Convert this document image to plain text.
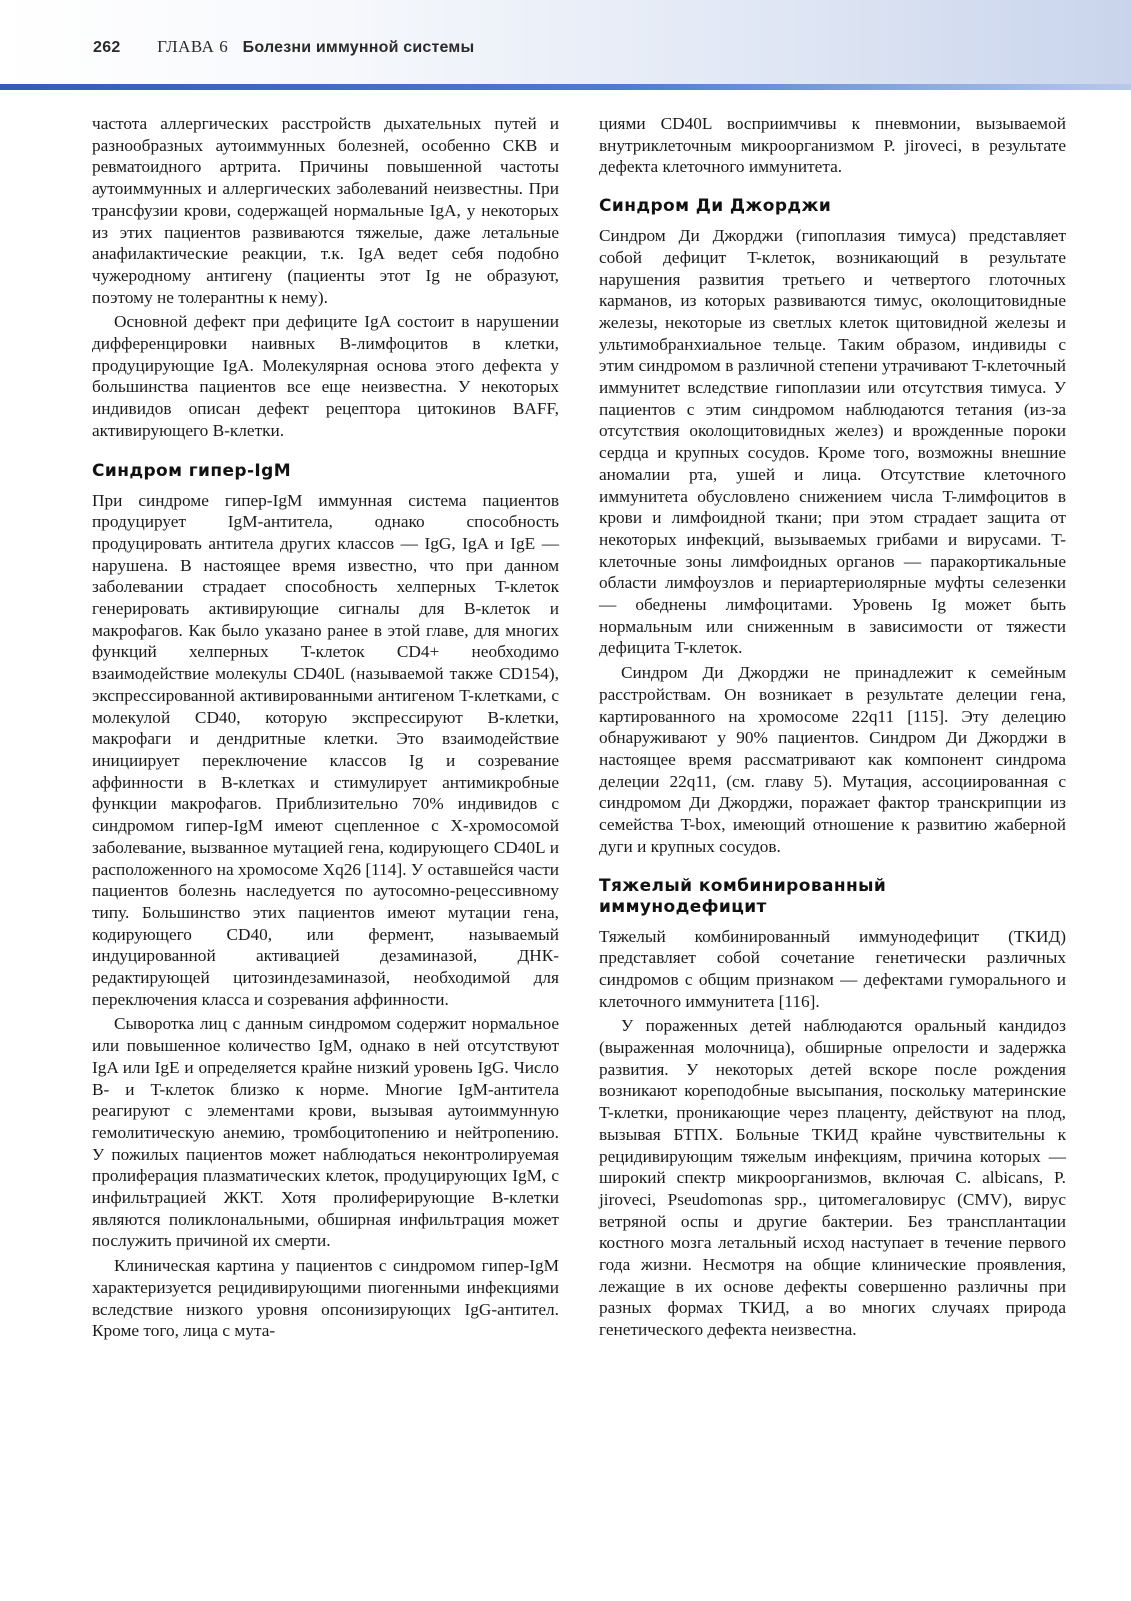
262 ГЛАВА 6 Болезни иммунной системы

частота аллергических расстройств дыхательных путей и разнообразных аутоиммунных болезней, особенно СКВ и ревматоидного артрита. Причины повышенной частоты аутоиммунных и аллергических заболеваний неизвестны. При трансфузии крови, содержащей нормальные IgA, у некоторых из этих пациентов развиваются тяжелые, даже летальные анафилактические реакции, т.к. IgA ведет себя подобно чужеродному антигену (пациенты этот Ig не образуют, поэтому не толерантны к нему).

Основной дефект при дефиците IgA состоит в нарушении дифференцировки наивных B-лимфоцитов в клетки, продуцирующие IgA. Молекулярная основа этого дефекта у большинства пациентов все еще неизвестна. У некоторых индивидов описан дефект рецептора цитокинов BAFF, активирующего B-клетки.

Синдром гипер-IgM

При синдроме гипер-IgM иммунная система пациентов продуцирует IgM-антитела, однако способность продуцировать антитела других классов — IgG, IgA и IgE — нарушена. В настоящее время известно, что при данном заболевании страдает способность хелперных T-клеток генерировать активирующие сигналы для B-клеток и макрофагов. Как было указано ранее в этой главе, для многих функций хелперных T-клеток CD4+ необходимо взаимодействие молекулы CD40L (называемой также CD154), экспрессированной активированными антигеном T-клетками, с молекулой CD40, которую экспрессируют B-клетки, макрофаги и дендритные клетки. Это взаимодействие инициирует переключение классов Ig и созревание аффинности в B-клетках и стимулирует антимикробные функции макрофагов. Приблизительно 70% индивидов с синдромом гипер-IgM имеют сцепленное с X-хромосомой заболевание, вызванное мутацией гена, кодирующего CD40L и расположенного на хромосоме Xq26 [114]. У оставшейся части пациентов болезнь наследуется по аутосомно-рецессивному типу. Большинство этих пациентов имеют мутации гена, кодирующего CD40, или фермент, называемый индуцированной активацией дезаминазой, ДНК-редактирующей цитозиндезаминазой, необходимой для переключения класса и созревания аффинности.

Сыворотка лиц с данным синдромом содержит нормальное или повышенное количество IgM, однако в ней отсутствуют IgA или IgE и определяется крайне низкий уровень IgG. Число B- и T-клеток близко к норме. Многие IgM-антитела реагируют с элементами крови, вызывая аутоиммунную гемолитическую анемию, тромбоцитопению и нейтропению. У пожилых пациентов может наблюдаться неконтролируемая пролиферация плазматических клеток, продуцирующих IgM, с инфильтрацией ЖКТ. Хотя пролиферирующие B-клетки являются поликлональными, обширная инфильтрация может послужить причиной их смерти.

Клиническая картина у пациентов с синдромом гипер-IgM характеризуется рецидивирующими пиогенными инфекциями вследствие низкого уровня опсонизирующих IgG-антител. Кроме того, лица с мута-

циями CD40L восприимчивы к пневмонии, вызываемой внутриклеточным микроорганизмом P. jiroveci, в результате дефекта клеточного иммунитета.

Синдром Ди Джорджи

Синдром Ди Джорджи (гипоплазия тимуса) представляет собой дефицит T-клеток, возникающий в результате нарушения развития третьего и четвертого глоточных карманов, из которых развиваются тимус, околощитовидные железы, некоторые из светлых клеток щитовидной железы и ультимобранхиальное тельце. Таким образом, индивиды с этим синдромом в различной степени утрачивают T-клеточный иммунитет вследствие гипоплазии или отсутствия тимуса. У пациентов с этим синдромом наблюдаются тетания (из-за отсутствия околощитовидных желез) и врожденные пороки сердца и крупных сосудов. Кроме того, возможны внешние аномалии рта, ушей и лица. Отсутствие клеточного иммунитета обусловлено снижением числа T-лимфоцитов в крови и лимфоидной ткани; при этом страдает защита от некоторых инфекций, вызываемых грибами и вирусами. T-клеточные зоны лимфоидных органов — паракортикальные области лимфоузлов и периартериолярные муфты селезенки — обеднены лимфоцитами. Уровень Ig может быть нормальным или сниженным в зависимости от тяжести дефицита T-клеток.

Синдром Ди Джорджи не принадлежит к семейным расстройствам. Он возникает в результате делеции гена, картированного на хромосоме 22q11 [115]. Эту делецию обнаруживают у 90% пациентов. Синдром Ди Джорджи в настоящее время рассматривают как компонент синдрома делеции 22q11, (см. главу 5). Мутация, ассоциированная с синдромом Ди Джорджи, поражает фактор транскрипции из семейства T-box, имеющий отношение к развитию жаберной дуги и крупных сосудов.

Тяжелый комбинированный
иммунодефицит

Тяжелый комбинированный иммунодефицит (ТКИД) представляет собой сочетание генетически различных синдромов с общим признаком — дефектами гуморального и клеточного иммунитета [116].

У пораженных детей наблюдаются оральный кандидоз (выраженная молочница), обширные опрелости и задержка развития. У некоторых детей вскоре после рождения возникают кореподобные высыпания, поскольку материнские T-клетки, проникающие через плаценту, действуют на плод, вызывая БТПХ. Больные ТКИД крайне чувствительны к рецидивирующим тяжелым инфекциям, причина которых — широкий спектр микроорганизмов, включая C. albicans, P. jiroveci, Pseudomonas spp., цитомегаловирус (CMV), вирус ветряной оспы и другие бактерии. Без трансплантации костного мозга летальный исход наступает в течение первого года жизни. Несмотря на общие клинические проявления, лежащие в их основе дефекты совершенно различны при разных формах ТКИД, а во многих случаях природа генетического дефекта неизвестна.
